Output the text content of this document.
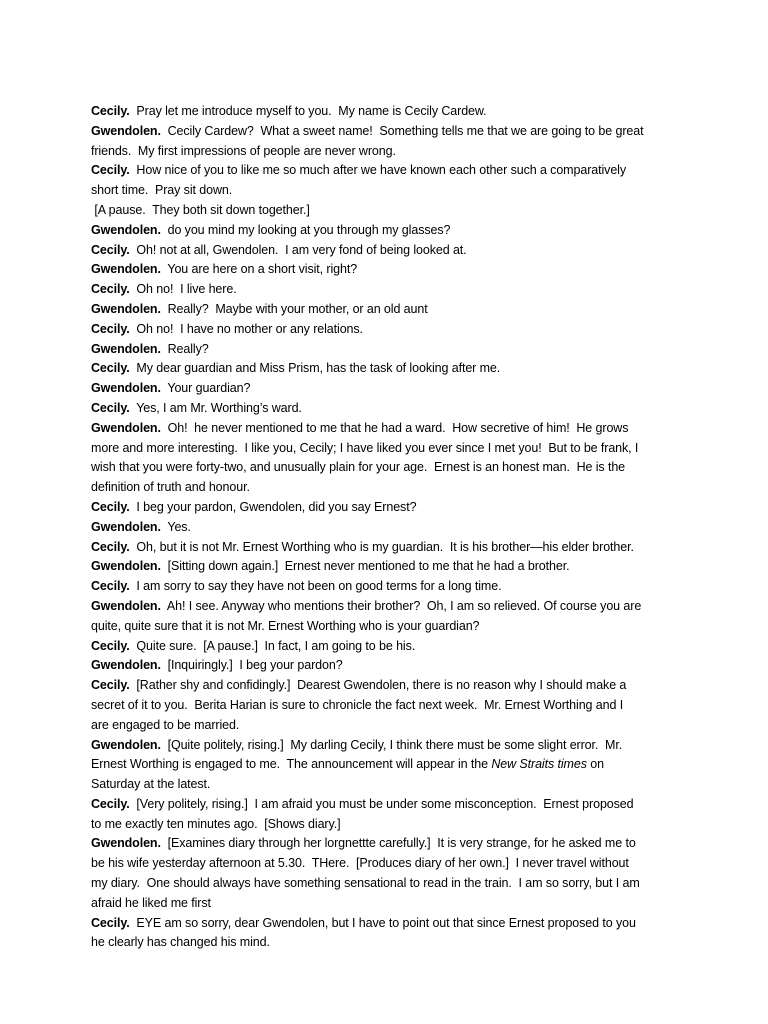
Cecily.  Pray let me introduce myself to you.  My name is Cecily Cardew.
Gwendolen.  Cecily Cardew?  What a sweet name!  Something tells me that we are going to be great
friends.  My first impressions of people are never wrong.
Cecily.  How nice of you to like me so much after we have known each other such a comparatively
short time.  Pray sit down.
[A pause.  They both sit down together.]
Gwendolen.  do you mind my looking at you through my glasses?
Cecily.  Oh! not at all, Gwendolen.  I am very fond of being looked at.
Gwendolen.  You are here on a short visit, right?
Cecily.  Oh no!  I live here.
Gwendolen.  Really?  Maybe with your mother, or an old aunt
Cecily.  Oh no!  I have no mother or any relations.
Gwendolen.  Really?
Cecily.  My dear guardian and Miss Prism, has the task of looking after me.
Gwendolen.  Your guardian?
Cecily.  Yes, I am Mr. Worthing’s ward.
Gwendolen.  Oh!  he never mentioned to me that he had a ward.  How secretive of him!  He grows
more and more interesting.  I like you, Cecily; I have liked you ever since I met you!  But to be frank, I
wish that you were forty-two, and unusually plain for your age.  Ernest is an honest man.  He is the
definition of truth and honour.
Cecily.  I beg your pardon, Gwendolen, did you say Ernest?
Gwendolen.  Yes.
Cecily.  Oh, but it is not Mr. Ernest Worthing who is my guardian.  It is his brother—his elder brother.
Gwendolen.  [Sitting down again.]  Ernest never mentioned to me that he had a brother.
Cecily.  I am sorry to say they have not been on good terms for a long time.
Gwendolen.  Ah! I see. Anyway who mentions their brother?  Oh, I am so relieved. Of course you are
quite, quite sure that it is not Mr. Ernest Worthing who is your guardian?
Cecily.  Quite sure.  [A pause.]  In fact, I am going to be his.
Gwendolen.  [Inquiringly.]  I beg your pardon?
Cecily.  [Rather shy and confidingly.]  Dearest Gwendolen, there is no reason why I should make a
secret of it to you.  Berita Harian is sure to chronicle the fact next week.  Mr. Ernest Worthing and I
are engaged to be married.
Gwendolen.  [Quite politely, rising.]  My darling Cecily, I think there must be some slight error.  Mr.
Ernest Worthing is engaged to me.  The announcement will appear in the New Straits times on
Saturday at the latest.
Cecily.  [Very politely, rising.]  I am afraid you must be under some misconception.  Ernest proposed
to me exactly ten minutes ago.  [Shows diary.]
Gwendolen.  [Examines diary through her lorgnettte carefully.]  It is very strange, for he asked me to
be his wife yesterday afternoon at 5.30.  THere.  [Produces diary of her own.]  I never travel without
my diary.  One should always have something sensational to read in the train.  I am so sorry, but I am
afraid he liked me first
Cecily.  EYE am so sorry, dear Gwendolen, but I have to point out that since Ernest proposed to you
he clearly has changed his mind.
